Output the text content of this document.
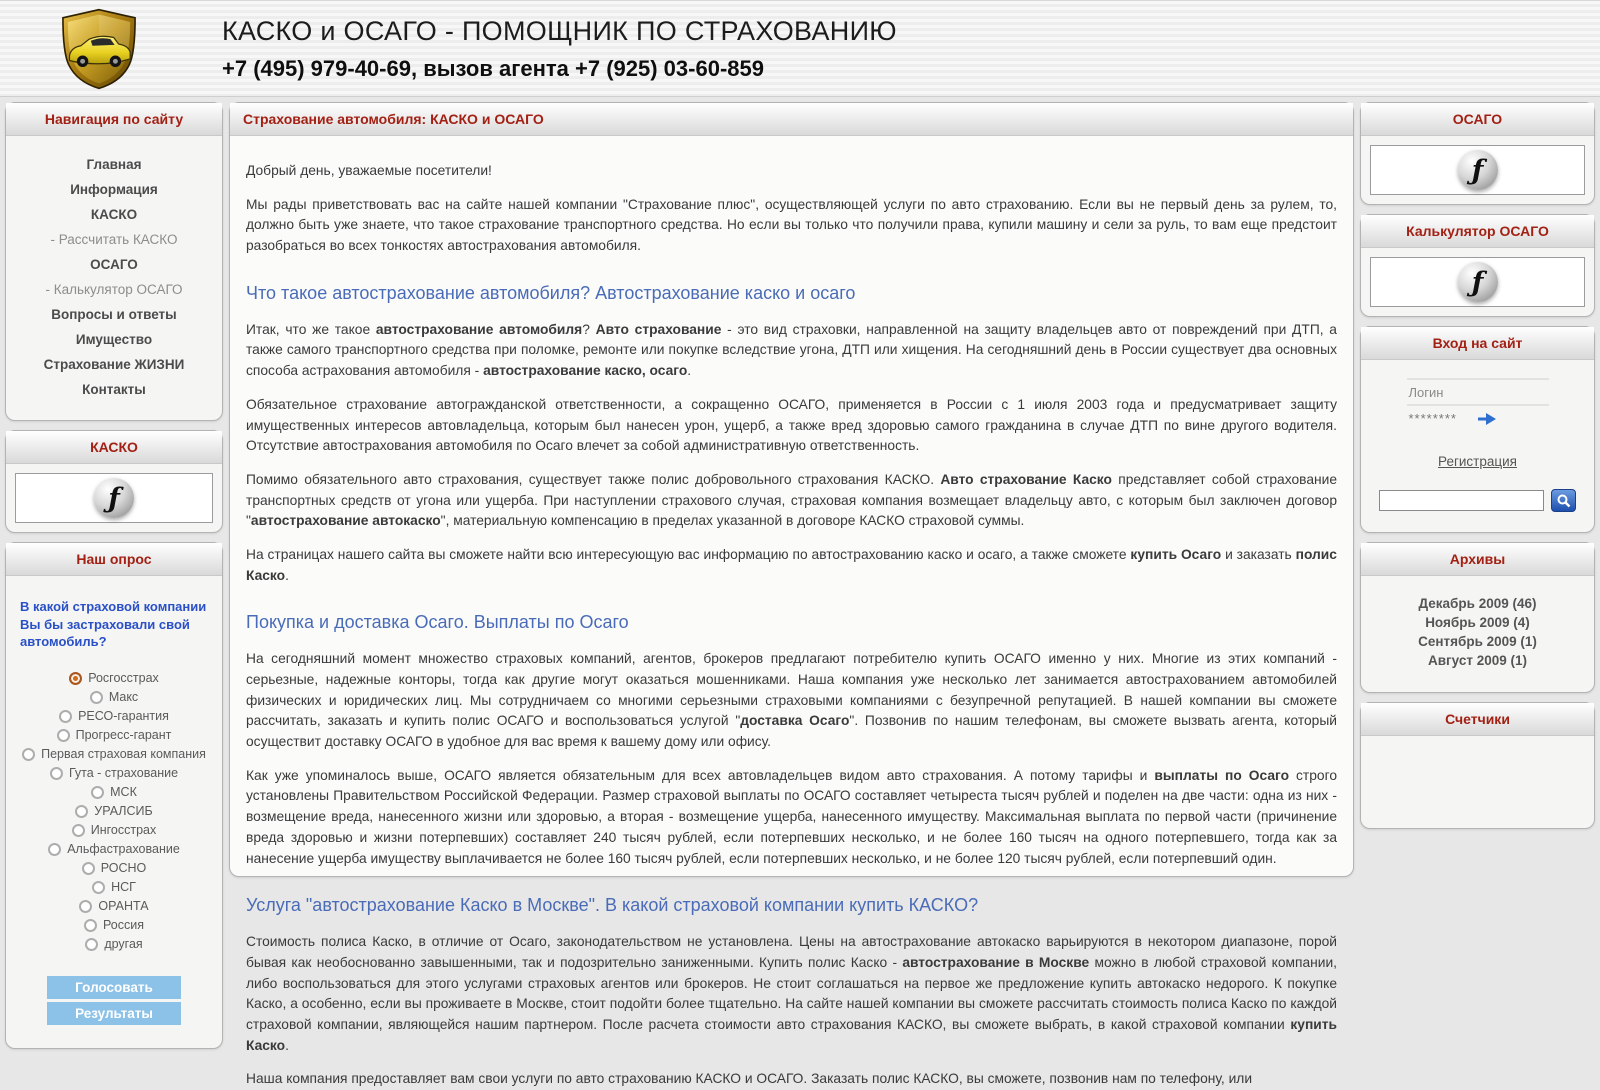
КАСКО и ОСАГО - ПОМОЩНИК ПО СТРАХОВАНИЮ
+7 (495) 979-40-69, вызов агента +7 (925) 03-60-859
Навигация по сайту
Главная
Информация
КАСКО
- Рассчитать КАСКО
ОСАГО
- Калькулятор ОСАГО
Вопросы и ответы
Имущество
Страхование ЖИЗНИ
Контакты
КАСКО
ƒ
Наш опрос
В какой страховой компании Вы бы застраховали свой автомобиль?
Росгосстрах
Макс
РЕСО-гарантия
Прогресс-гарант
Первая страховая компания
Гута - страхование
МСК
УРАЛСИБ
Ингосстрах
Альфастрахование
РОСНО
НСГ
ОРАНТА
Россия
другая
Голосовать
Результаты
Страхование автомобиля: КАСКО и ОСАГО

Добрый день, уважаемые посетители!

Мы рады приветствовать вас на сайте нашей компании "Страхование плюс", осуществляющей услуги по авто страхованию. Если вы не первый день за рулем, то, должно быть уже знаете, что такое страхование транспортного средства. Но если вы только что получили права, купили машину и сели за руль, то вам еще предстоит разобраться во всех тонкостях автострахования автомобиля.

Что такое автострахование автомобиля? Автострахование каско и осаго

Итак, что же такое автострахование автомобиля? Авто страхование - это вид страховки, направленной на защиту владельцев авто от повреждений при ДТП, а также самого транспортного средства при поломке, ремонте или покупке вследствие угона, ДТП или хищения. На сегодняшний день в России существует два основных способа астрахования автомобиля - автострахование каско, осаго.

Обязательное страхование автогражданской ответственности, а сокращенно ОСАГО, применяется в России с 1 июля 2003 года и предусматривает защиту имущественных интересов автовладельца, которым был нанесен урон, ущерб, а также вред здоровью самого гражданина в случае ДТП по вине другого водителя. Отсутствие автострахования автомобиля по Осаго влечет за собой административную ответственность.

Помимо обязательного авто страхования, существует также полис добровольного страхования КАСКО. Авто страхование Каско представляет собой страхование транспортных средств от угона или ущерба. При наступлении страхового случая, страховая компания возмещает владельцу авто, с которым был заключен договор "автострахование автокаско", материальную компенсацию в пределах указанной в договоре КАСКО страховой суммы.

На страницах нашего сайта вы сможете найти всю интересующую вас информацию по автострахованию каско и осаго, а также сможете купить Осаго и заказать полис Каско.

Покупка и доставка Осаго. Выплаты по Осаго

На сегодняшний момент множество страховых компаний, агентов, брокеров предлагают потребителю купить ОСАГО именно у них. Многие из этих компаний - серьезные, надежные конторы, тогда как другие могут оказаться мошенниками. Наша компания уже несколько лет занимается автострахованием автомобилей физических и юридических лиц. Мы сотрудничаем со многими серьезными страховыми компаниями с безупречной репутацией. В нашей компании вы сможете рассчитать, заказать и купить полис ОСАГО и воспользоваться услугой "доставка Осаго". Позвонив по нашим телефонам, вы сможете вызвать агента, который осуществит доставку ОСАГО в удобное для вас время к вашему дому или офису.

Как уже упоминалось выше, ОСАГО является обязательным для всех автовладельцев видом авто страхования. А потому тарифы и выплаты по Осаго строго установлены Правительством Российской Федерации. Размер страховой выплаты по ОСАГО составляет четыреста тысяч рублей и поделен на две части: одна из них - возмещение вреда, нанесенного жизни или здоровью, а вторая - возмещение ущерба, нанесенного имуществу. Максимальная выплата по первой части (причинение вреда здоровью и жизни потерпевших) составляет 240 тысяч рублей, если потерпевших несколько, и не более 160 тысяч на одного потерпевшего, тогда как за нанесение ущерба имуществу выплачивается не более 160 тысяч рублей, если потерпевших несколько, и не более 120 тысяч рублей, если потерпевший один.

Услуга "автострахование Каско в Москве". В какой страховой компании купить КАСКО?

Стоимость полиса Каско, в отличие от Осаго, законодательством не установлена. Цены на автострахование автокаско варьируются в некотором диапазоне, порой бывая как необоснованно завышенными, так и подозрительно заниженными. Купить полис Каско - автострахование в Москве можно в любой страховой компании, либо воспользоваться для этого услугами страховых агентов или брокеров. Не стоит соглашаться на первое же предложение купить автокаско недорого. К покупке Каско, а особенно, если вы проживаете в Москве, стоит подойти более тщательно. На сайте нашей компании вы сможете рассчитать стоимость полиса Каско по каждой страховой компании, являющейся нашим партнером. После расчета стоимости авто страхования КАСКО, вы сможете выбрать, в какой страховой компании купить Каско.

Наша компания предоставляет вам свои услуги по авто страхованию КАСКО и ОСАГО. Заказать полис КАСКО, вы сможете, позвонив нам по телефону, или

ОСАГО
ƒ
Калькулятор ОСАГО
ƒ
Вход на сайт
Логин
********
Регистрация
Архивы
Декабрь 2009 (46)
Ноябрь 2009 (4)
Сентябрь 2009 (1)
Август 2009 (1)
Счетчики
